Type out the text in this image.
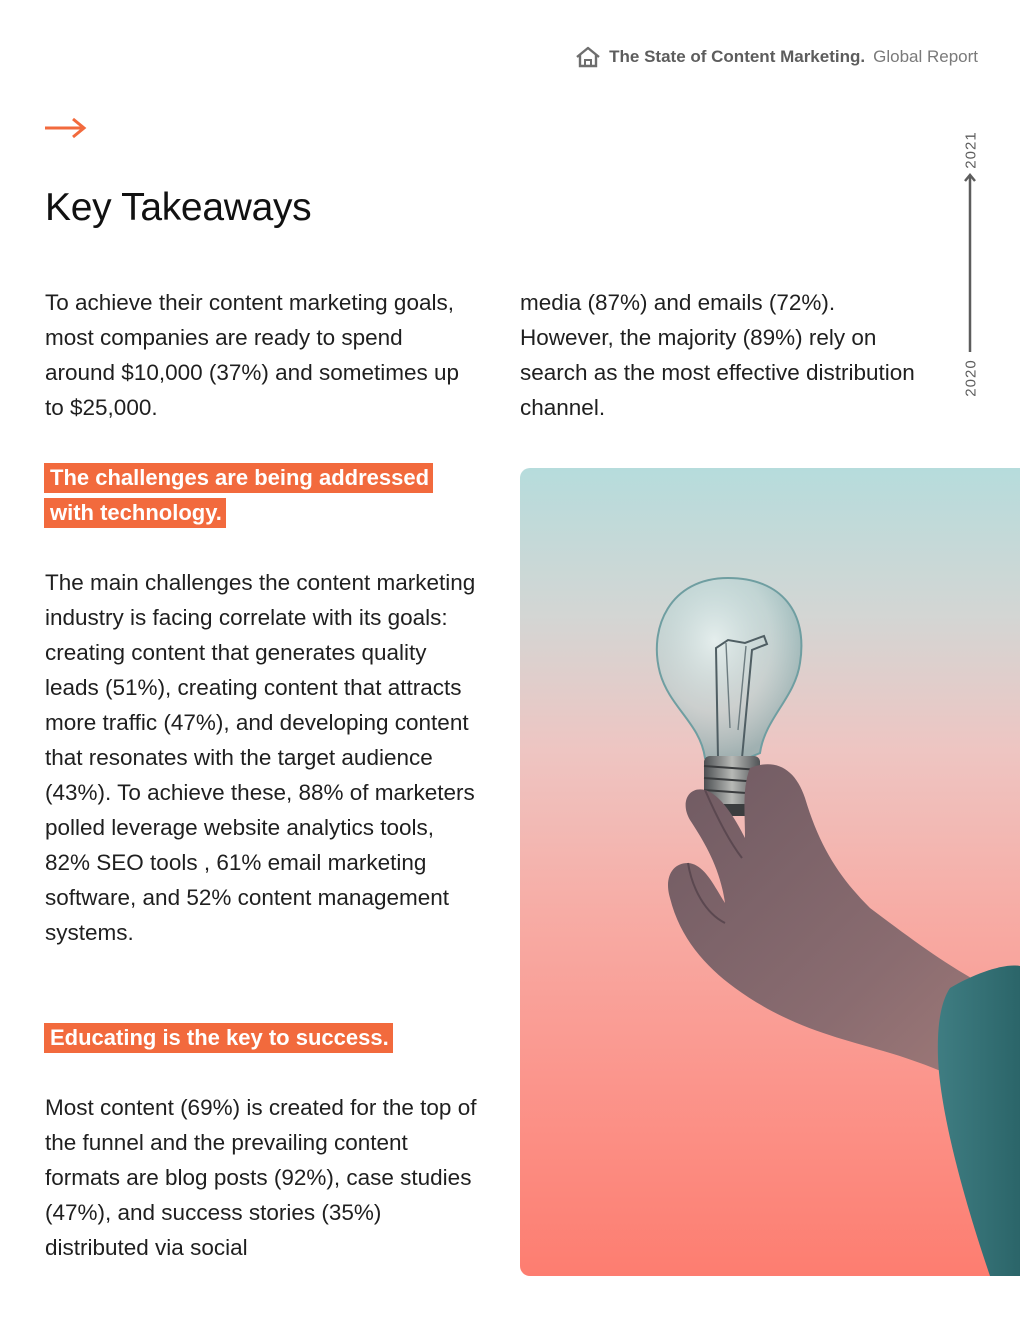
The State of Content Marketing. Global Report
Key Takeaways
2021
2020

To achieve their content marketing goals, most companies are ready to spend around $10,000 (37%) and sometimes up to $25,000.

media (87%) and emails (72%). However, the majority (89%) rely on search as the most effective distribution channel.

The challenges are being addressed with technology.

The main challenges the content marketing industry is facing correlate with its goals: creating content that generates quality leads (51%), creating content that attracts more traffic (47%), and developing content that resonates with the target audience (43%). To achieve these, 88% of marketers polled leverage website analytics tools, 82% SEO tools , 61% email marketing software, and 52% content management systems.

Educating is the key to success.

Most content (69%) is created for the top of the funnel and the prevailing content formats are blog posts (92%), case studies (47%), and success stories (35%) distributed via social
